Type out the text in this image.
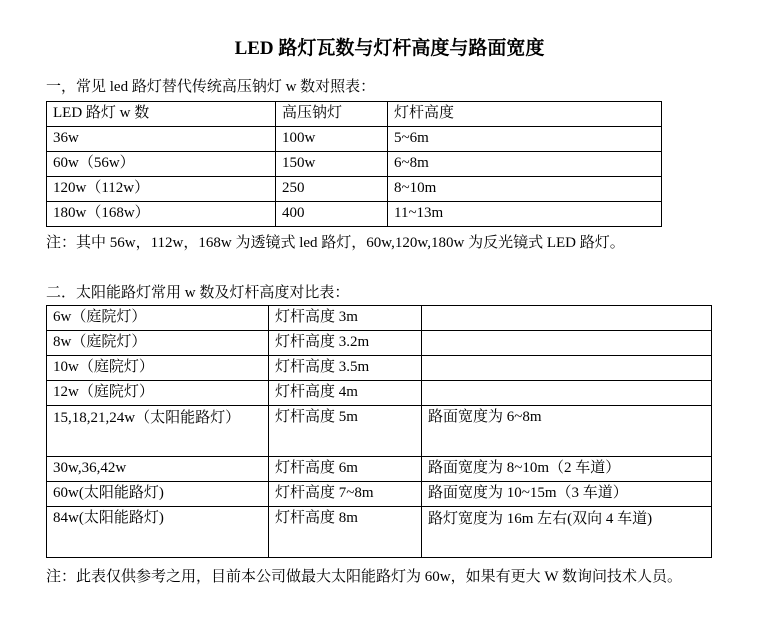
LED 路灯瓦数与灯杆高度与路面宽度
一，常见 led 路灯替代传统高压钠灯 w 数对照表：
LED 路灯 w 数	高压钠灯	灯杆高度
36w	100w	5~6m
60w（56w）	150w	6~8m
120w（112w）	250	8~10m
180w（168w）	400	11~13m
注：其中 56w，112w，168w 为透镜式 led 路灯，60w,120w,180w 为反光镜式 LED 路灯。
二．太阳能路灯常用 w 数及灯杆高度对比表：
6w（庭院灯）	灯杆高度 3m	
8w（庭院灯）	灯杆高度 3.2m	
10w（庭院灯）	灯杆高度 3.5m	
12w（庭院灯）	灯杆高度 4m	
15,18,21,24w（太阳能路灯）	灯杆高度 5m	路面宽度为 6~8m
30w,36,42w	灯杆高度 6m	路面宽度为 8~10m（2 车道）
60w(太阳能路灯)	灯杆高度 7~8m	路面宽度为 10~15m（3 车道）
84w(太阳能路灯)	灯杆高度 8m	路灯宽度为 16m 左右(双向 4 车道)
注：此表仅供参考之用，目前本公司做最大太阳能路灯为 60w，如果有更大 W 数询问技术人员。
